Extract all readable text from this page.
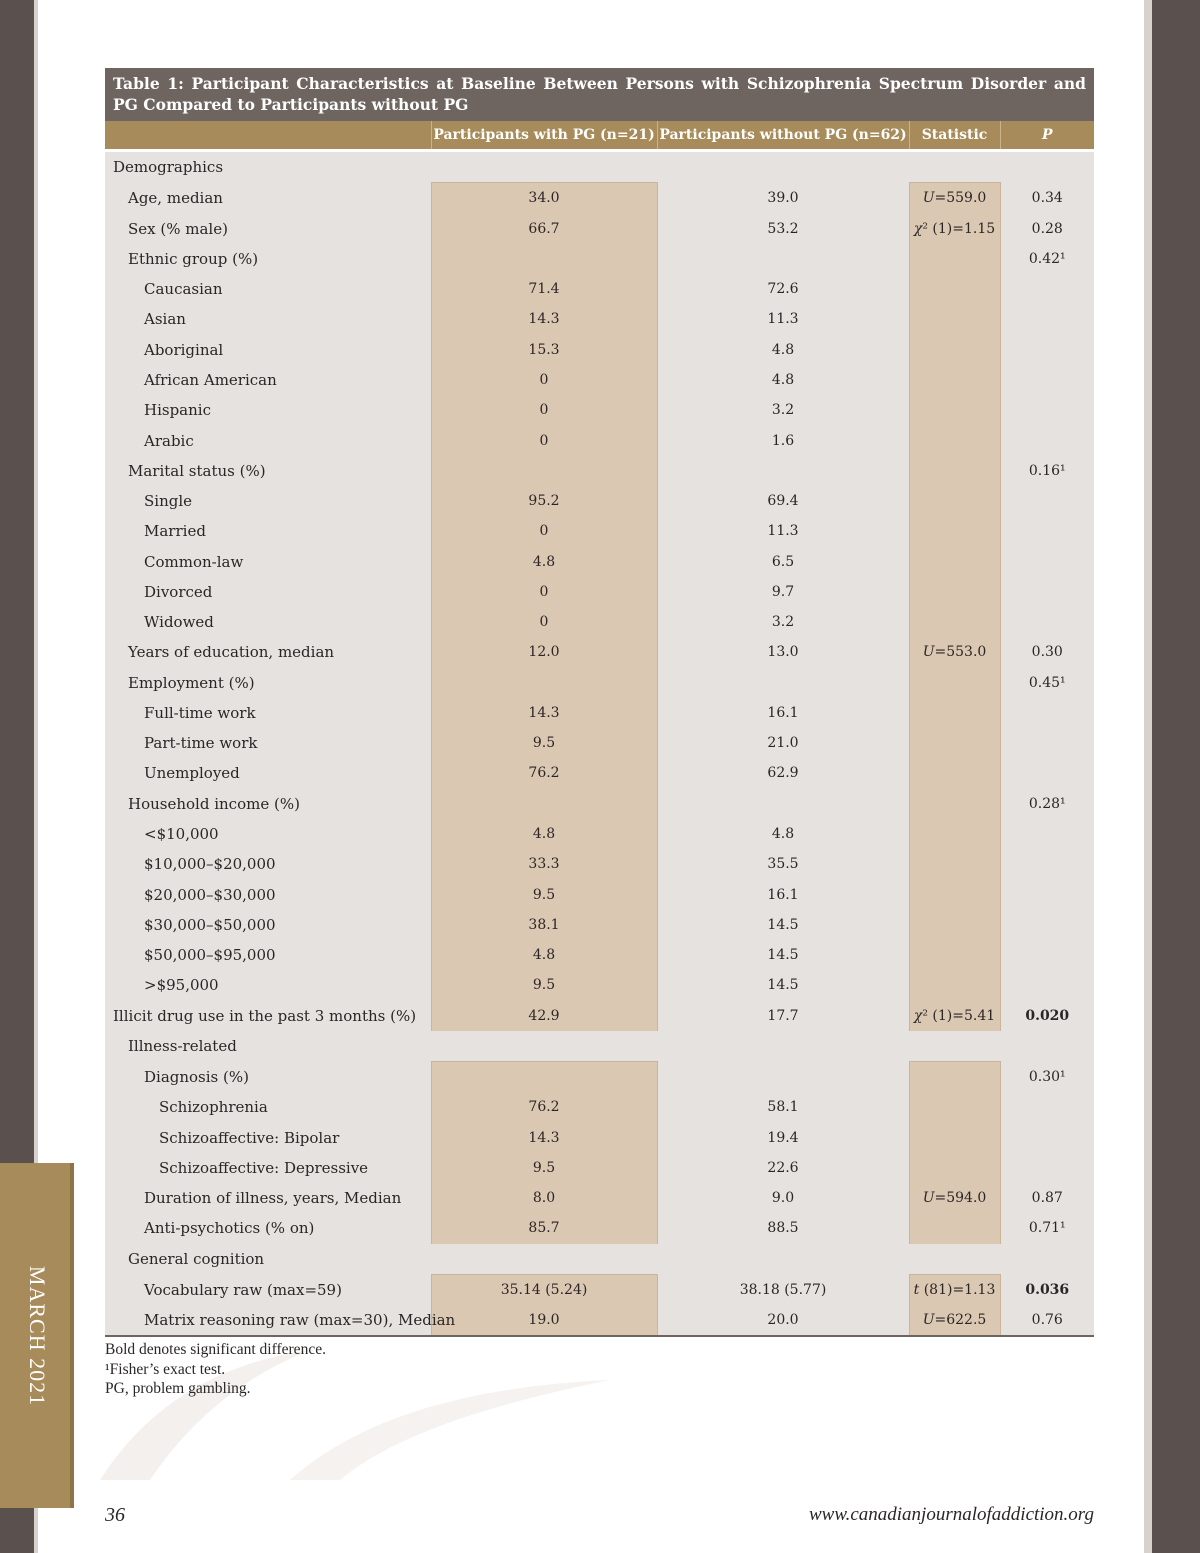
MARCH 2021
Table 1: Participant Characteristics at Baseline Between Persons with Schizophrenia Spectrum Disorder and PG Compared to Participants without PG
	Participants with PG (n=21)	Participants without PG (n=62)	Statistic	P

Demographics				
Age, median	34.0	39.0	U=559.0	0.34
Sex (% male)	66.7	53.2	χ² (1)=1.15	0.28
Ethnic group (%)				0.42¹
Caucasian	71.4	72.6		
Asian	14.3	11.3		
Aboriginal	15.3	4.8		
African American	0	4.8		
Hispanic	0	3.2		
Arabic	0	1.6		
Marital status (%)				0.16¹
Single	95.2	69.4		
Married	0	11.3		
Common-law	4.8	6.5		
Divorced	0	9.7		
Widowed	0	3.2		
Years of education, median	12.0	13.0	U=553.0	0.30
Employment (%)				0.45¹
Full-time work	14.3	16.1		
Part-time work	9.5	21.0		
Unemployed	76.2	62.9		
Household income (%)				0.28¹
<$10,000	4.8	4.8		
$10,000–$20,000	33.3	35.5		
$20,000–$30,000	9.5	16.1		
$30,000–$50,000	38.1	14.5		
$50,000–$95,000	4.8	14.5		
>$95,000	9.5	14.5		
Illicit drug use in the past 3 months (%)	42.9	17.7	χ² (1)=5.41	0.020
Illness-related				
Diagnosis (%)				0.30¹
Schizophrenia	76.2	58.1		
Schizoaffective: Bipolar	14.3	19.4		
Schizoaffective: Depressive	9.5	22.6		
Duration of illness, years, Median	8.0	9.0	U=594.0	0.87
Anti-psychotics (% on)	85.7	88.5		0.71¹
General cognition				
Vocabulary raw (max=59)	35.14 (5.24)	38.18 (5.77)	t (81)=1.13	0.036
Matrix reasoning raw (max=30), Median	19.0	20.0	U=622.5	0.76
Bold denotes significant difference.
¹Fisher’s exact test.
PG, problem gambling.
36	www.canadianjournalofaddiction.org
